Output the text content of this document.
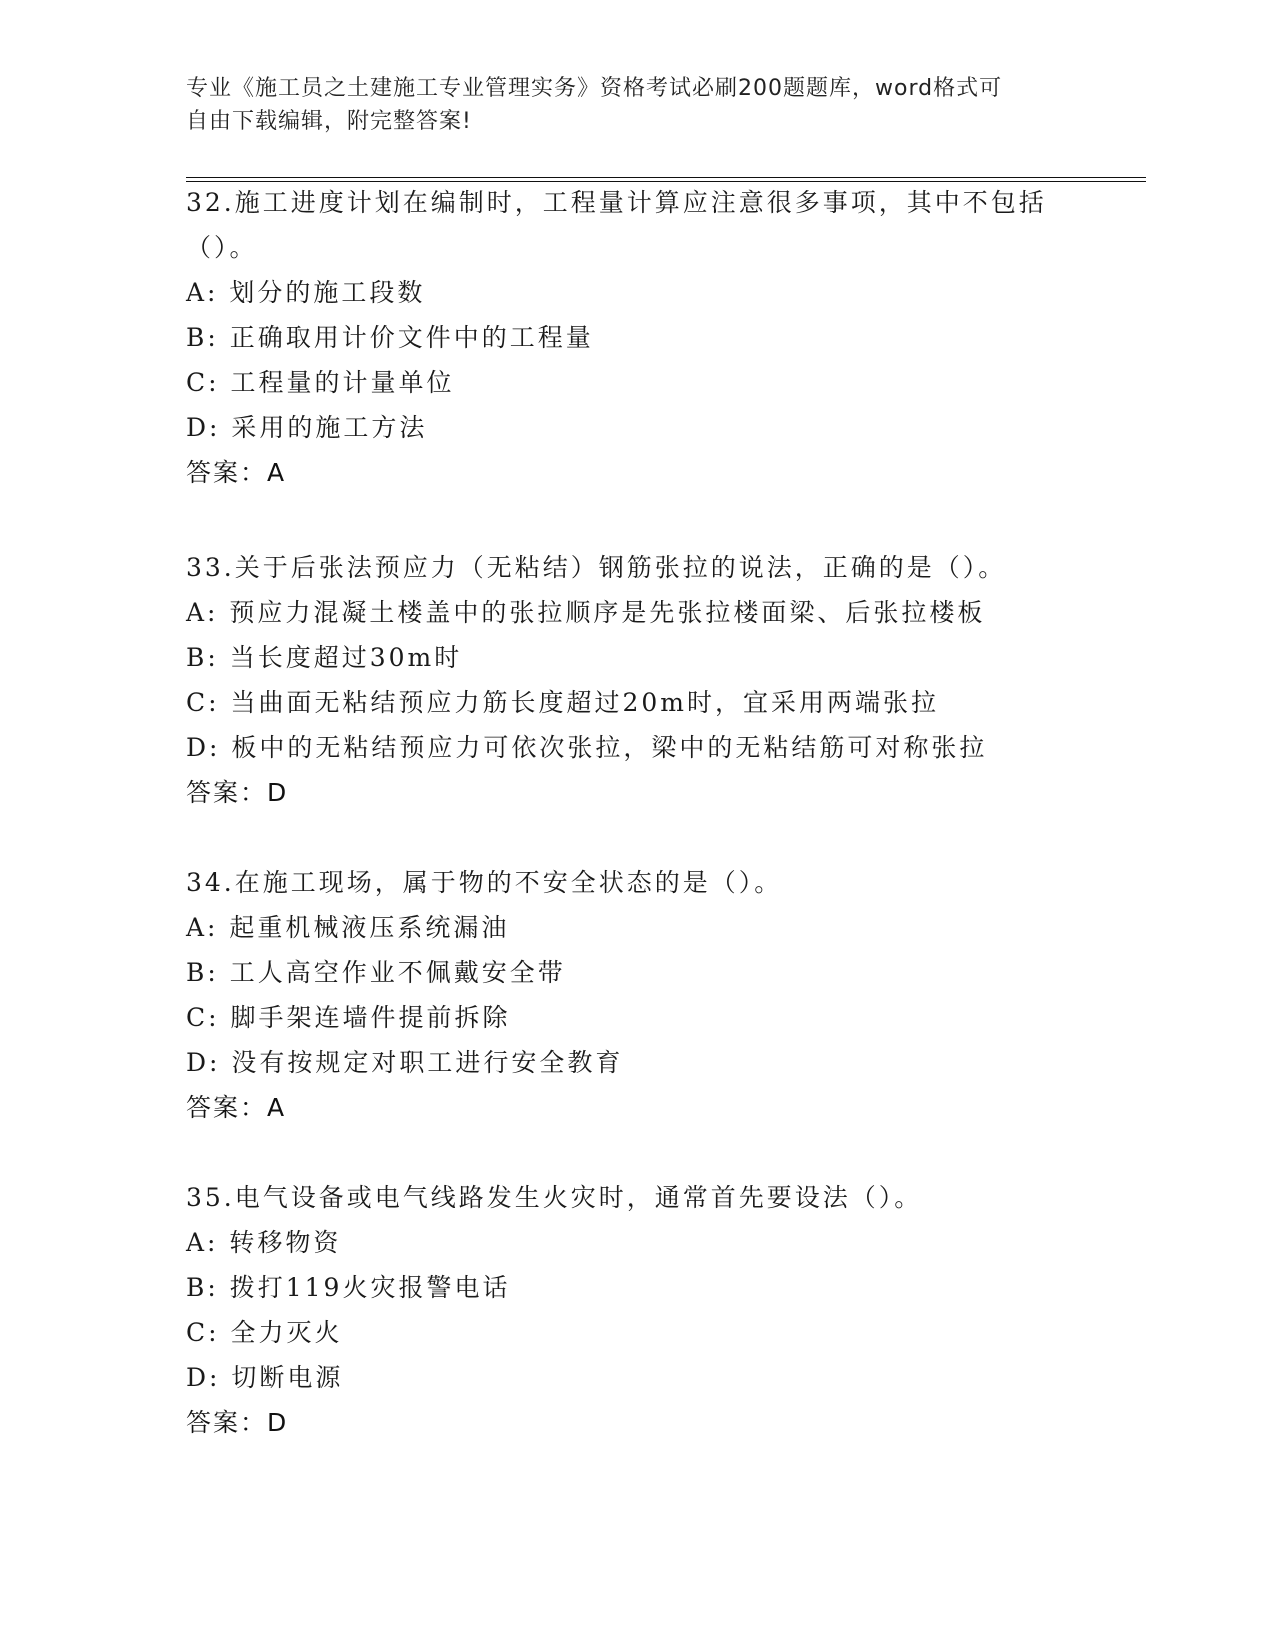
专业《施工员之土建施工专业管理实务》资格考试必刷200题题库，word格式可
自由下载编辑，附完整答案!

32.施工进度计划在编制时，工程量计算应注意很多事项，其中不包括（）。

A: 划分的施工段数
B: 正确取用计价文件中的工程量
C: 工程量的计量单位
D: 采用的施工方法
答案：A

33.关于后张法预应力（无粘结）钢筋张拉的说法，正确的是（）。

A: 预应力混凝土楼盖中的张拉顺序是先张拉楼面梁、后张拉楼板
B: 当长度超过30m时
C: 当曲面无粘结预应力筋长度超过20m时，宜采用两端张拉
D: 板中的无粘结预应力可依次张拉，梁中的无粘结筋可对称张拉
答案：D

34.在施工现场，属于物的不安全状态的是（）。

A: 起重机械液压系统漏油
B: 工人高空作业不佩戴安全带
C: 脚手架连墙件提前拆除
D: 没有按规定对职工进行安全教育
答案：A

35.电气设备或电气线路发生火灾时，通常首先要设法（）。

A: 转移物资
B: 拨打119火灾报警电话
C: 全力灭火
D: 切断电源
答案：D
